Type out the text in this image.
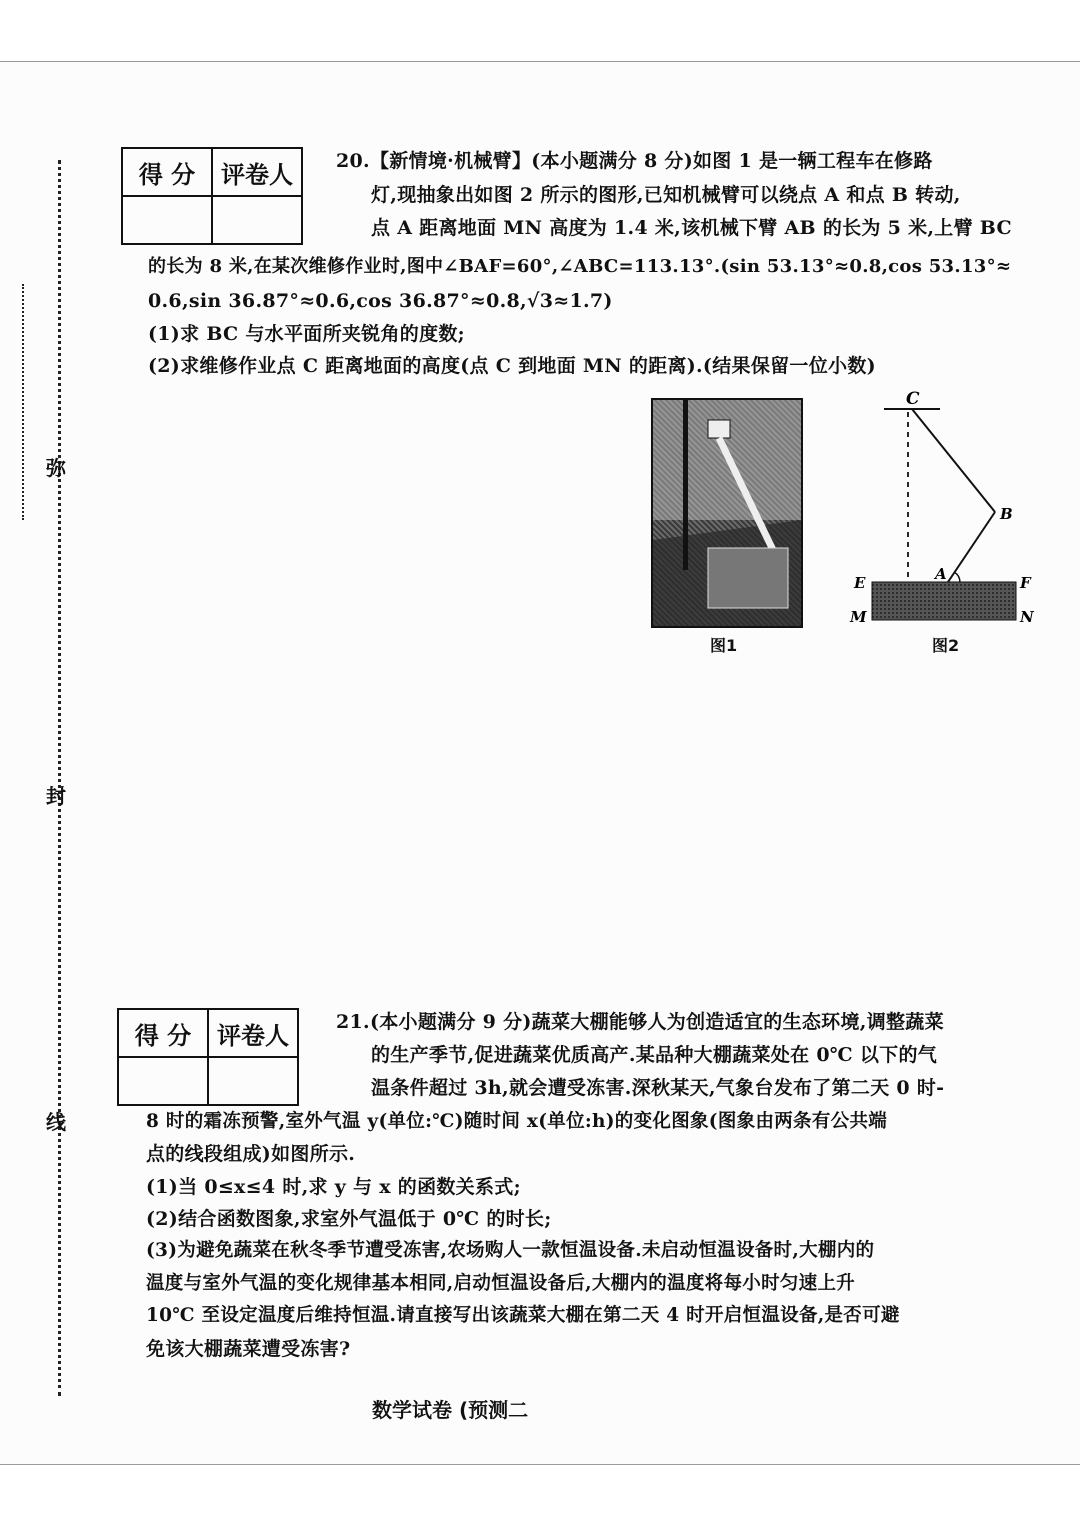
弥
封
线
得 分	评卷人
	20.【新情境·机械臂】(本小题满分 8 分)如图 1 是一辆工程车在修路
灯,现抽象出如图 2 所示的图形,已知机械臂可以绕点 A 和点 B 转动,
点 A 距离地面 MN 高度为 1.4 米,该机械下臂 AB 的长为 5 米,上臂 BC
的长为 8 米,在某次维修作业时,图中∠BAF=60°,∠ABC=113.13°.(sin 53.13°≈0.8,cos 53.13°≈
0.6,sin 36.87°≈0.6,cos 36.87°≈0.8,√3≈1.7)
(1)求 BC 与水平面所夹锐角的度数;
(2)求维修作业点 C 距离地面的高度(点 C 到地面 MN 的距离).(结果保留一位小数)
图1
C
B
A
E	F
M	N
图2
得 分	评卷人
	21.(本小题满分 9 分)蔬菜大棚能够人为创造适宜的生态环境,调整蔬菜
的生产季节,促进蔬菜优质高产.某品种大棚蔬菜处在 0℃ 以下的气
温条件超过 3h,就会遭受冻害.深秋某天,气象台发布了第二天 0 时-
8 时的霜冻预警,室外气温 y(单位:℃)随时间 x(单位:h)的变化图象(图象由两条有公共端
点的线段组成)如图所示.
(1)当 0≤x≤4 时,求 y 与 x 的函数关系式;
(2)结合函数图象,求室外气温低于 0℃ 的时长;
(3)为避免蔬菜在秋冬季节遭受冻害,农场购人一款恒温设备.未启动恒温设备时,大棚内的
温度与室外气温的变化规律基本相同,启动恒温设备后,大棚内的温度将每小时匀速上升
10℃ 至设定温度后维持恒温.请直接写出该蔬菜大棚在第二天 4 时开启恒温设备,是否可避
免该大棚蔬菜遭受冻害?
数学试卷 (预测二
